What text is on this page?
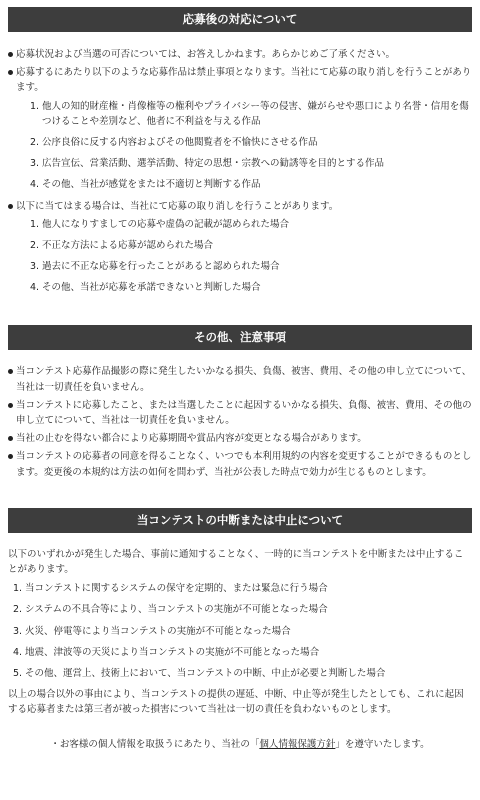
応募後の対応について
応募状況および当選の可否については、お答えしかねます。あらかじめご了承ください。
応募するにあたり以下のような応募作品は禁止事項となります。当社にて応募の取り消しを行うことがあります。
1. 他人の知的財産権・肖像権等の権利やプライバシー等の侵害、嫌がらせや悪口により名誉・信用を傷つけることや差別など、他者に不利益を与える作品
2. 公序良俗に反する内容およびその他閲覧者を不愉快にさせる作品
3. 広告宣伝、営業活動、選挙活動、特定の思想・宗教への勧誘等を目的とする作品
4. その他、当社が感覚をまたは不適切と判断する作品
以下に当てはまる場合は、当社にて応募の取り消しを行うことがあります。
1. 他人になりすましての応募や虚偽の記載が認められた場合
2. 不正な方法による応募が認められた場合
3. 過去に不正な応募を行ったことがあると認められた場合
4. その他、当社が応募を承諾できないと判断した場合
その他、注意事項
当コンテスト応募作品撮影の際に発生したいかなる損失、負傷、被害、費用、その他の申し立てについて、当社は一切責任を負いません。
当コンテストに応募したこと、または当選したことに起因するいかなる損失、負傷、被害、費用、その他の申し立てについて、当社は一切責任を負いません。
当社の止むを得ない都合により応募期間や賞品内容が変更となる場合があります。
当コンテストの応募者の同意を得ることなく、いつでも本利用規約の内容を変更することができるものとします。変更後の本規約は方法の如何を問わず、当社が公表した時点で効力が生じるものとします。
当コンテストの中断または中止について

以下のいずれかが発生した場合、事前に通知することなく、一時的に当コンテストを中断または中止することがあります。

1. 当コンテストに関するシステムの保守を定期的、または緊急に行う場合
2. システムの不具合等により、当コンテストの実施が不可能となった場合
3. 火災、停電等により当コンテストの実施が不可能となった場合
4. 地震、津波等の天災により当コンテストの実施が不可能となった場合
5. その他、運営上、技術上において、当コンテストの中断、中止が必要と判断した場合

以上の場合以外の事由により、当コンテストの提供の遅延、中断、中止等が発生したとしても、これに起因する応募者または第三者が被った損害について当社は一切の責任を負わないものとします。

・お客様の個人情報を取扱うにあたり、当社の「個人情報保護方針」を遵守いたします。
